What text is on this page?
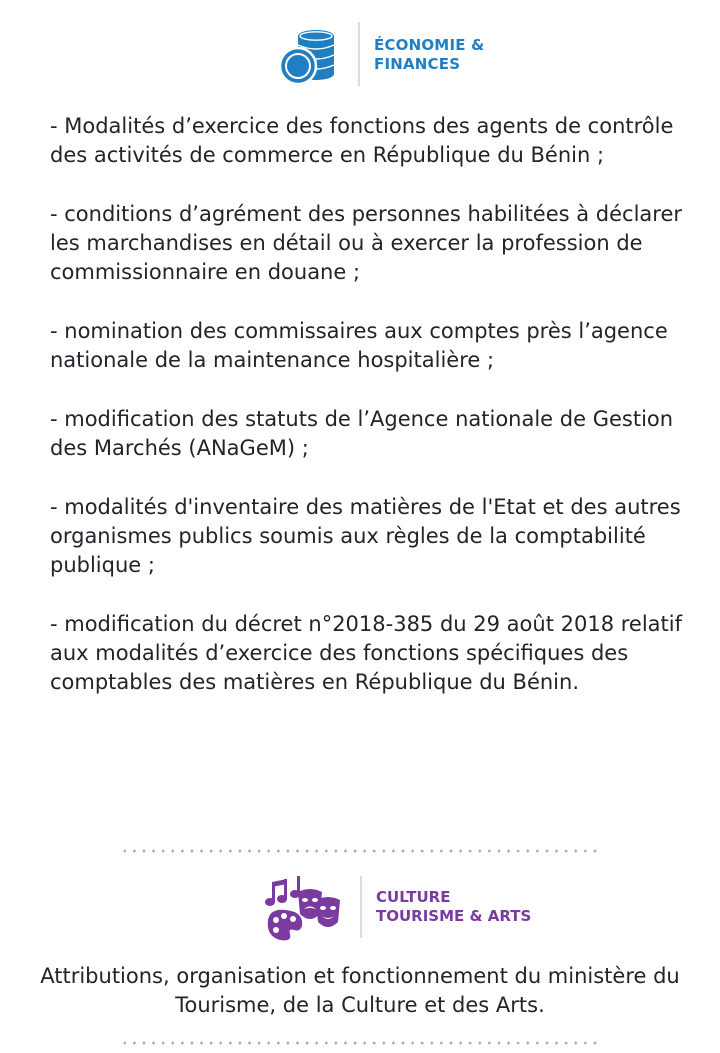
ÉCONOMIE &
FINANCES
- Modalités d’exercice des fonctions des agents de contrôle des activités de commerce en République du Bénin ;
- conditions d’agrément des personnes habilitées à déclarer les marchandises en détail ou à exercer la profession de commissionnaire en douane ;
- nomination des commissaires aux comptes près l’agence nationale de la maintenance hospitalière ;
- modification des statuts de l’Agence nationale de Gestion des Marchés (ANaGeM) ;
- modalités d'inventaire des matières de l'Etat et des autres organismes publics soumis aux règles de la comptabilité publique ;
- modification du décret n°2018-385 du 29 août 2018 relatif aux modalités d’exercice des fonctions spécifiques des comptables des matières en République du Bénin.
CULTURE
TOURISME & ARTS
Attributions, organisation et fonctionnement du ministère du Tourisme, de la Culture et des Arts.
